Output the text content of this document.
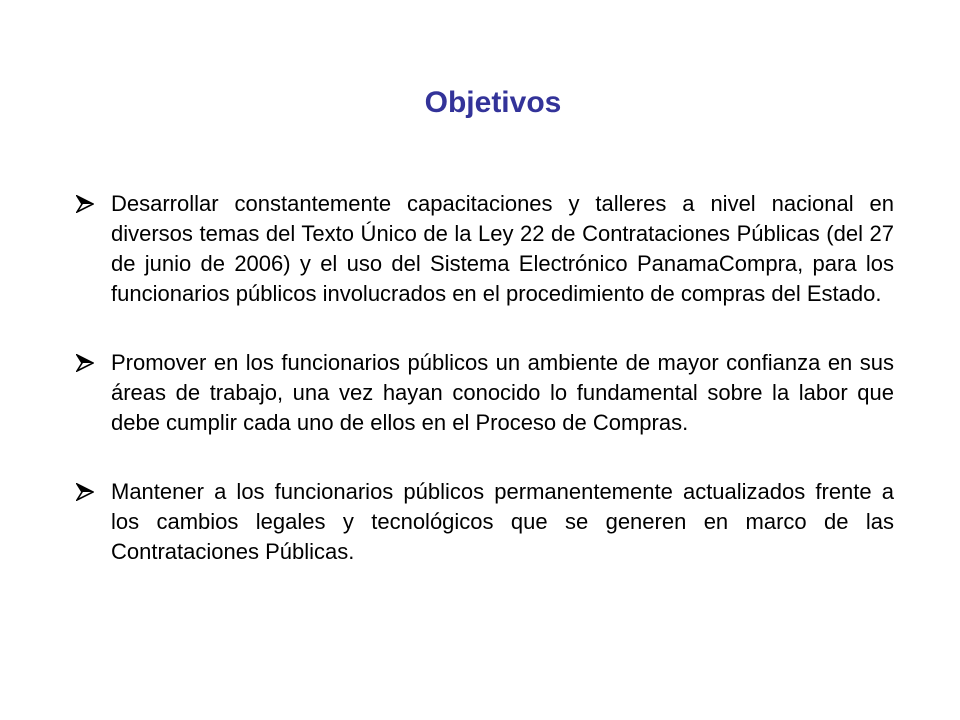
Objetivos

Desarrollar constantemente capacitaciones y talleres a nivel nacional en diversos temas del Texto Único de la Ley 22 de Contrataciones Públicas (del 27 de junio de 2006) y el uso del Sistema Electrónico PanamaCompra, para los funcionarios públicos involucrados en el procedimiento de compras del Estado.

Promover en los funcionarios públicos un ambiente de mayor confianza en sus áreas de trabajo, una vez hayan conocido lo fundamental sobre la labor que debe cumplir cada uno de ellos en el Proceso de Compras.

Mantener a los funcionarios públicos permanentemente actualizados frente a los cambios legales y tecnológicos que se generen en marco de las Contrataciones Públicas.
